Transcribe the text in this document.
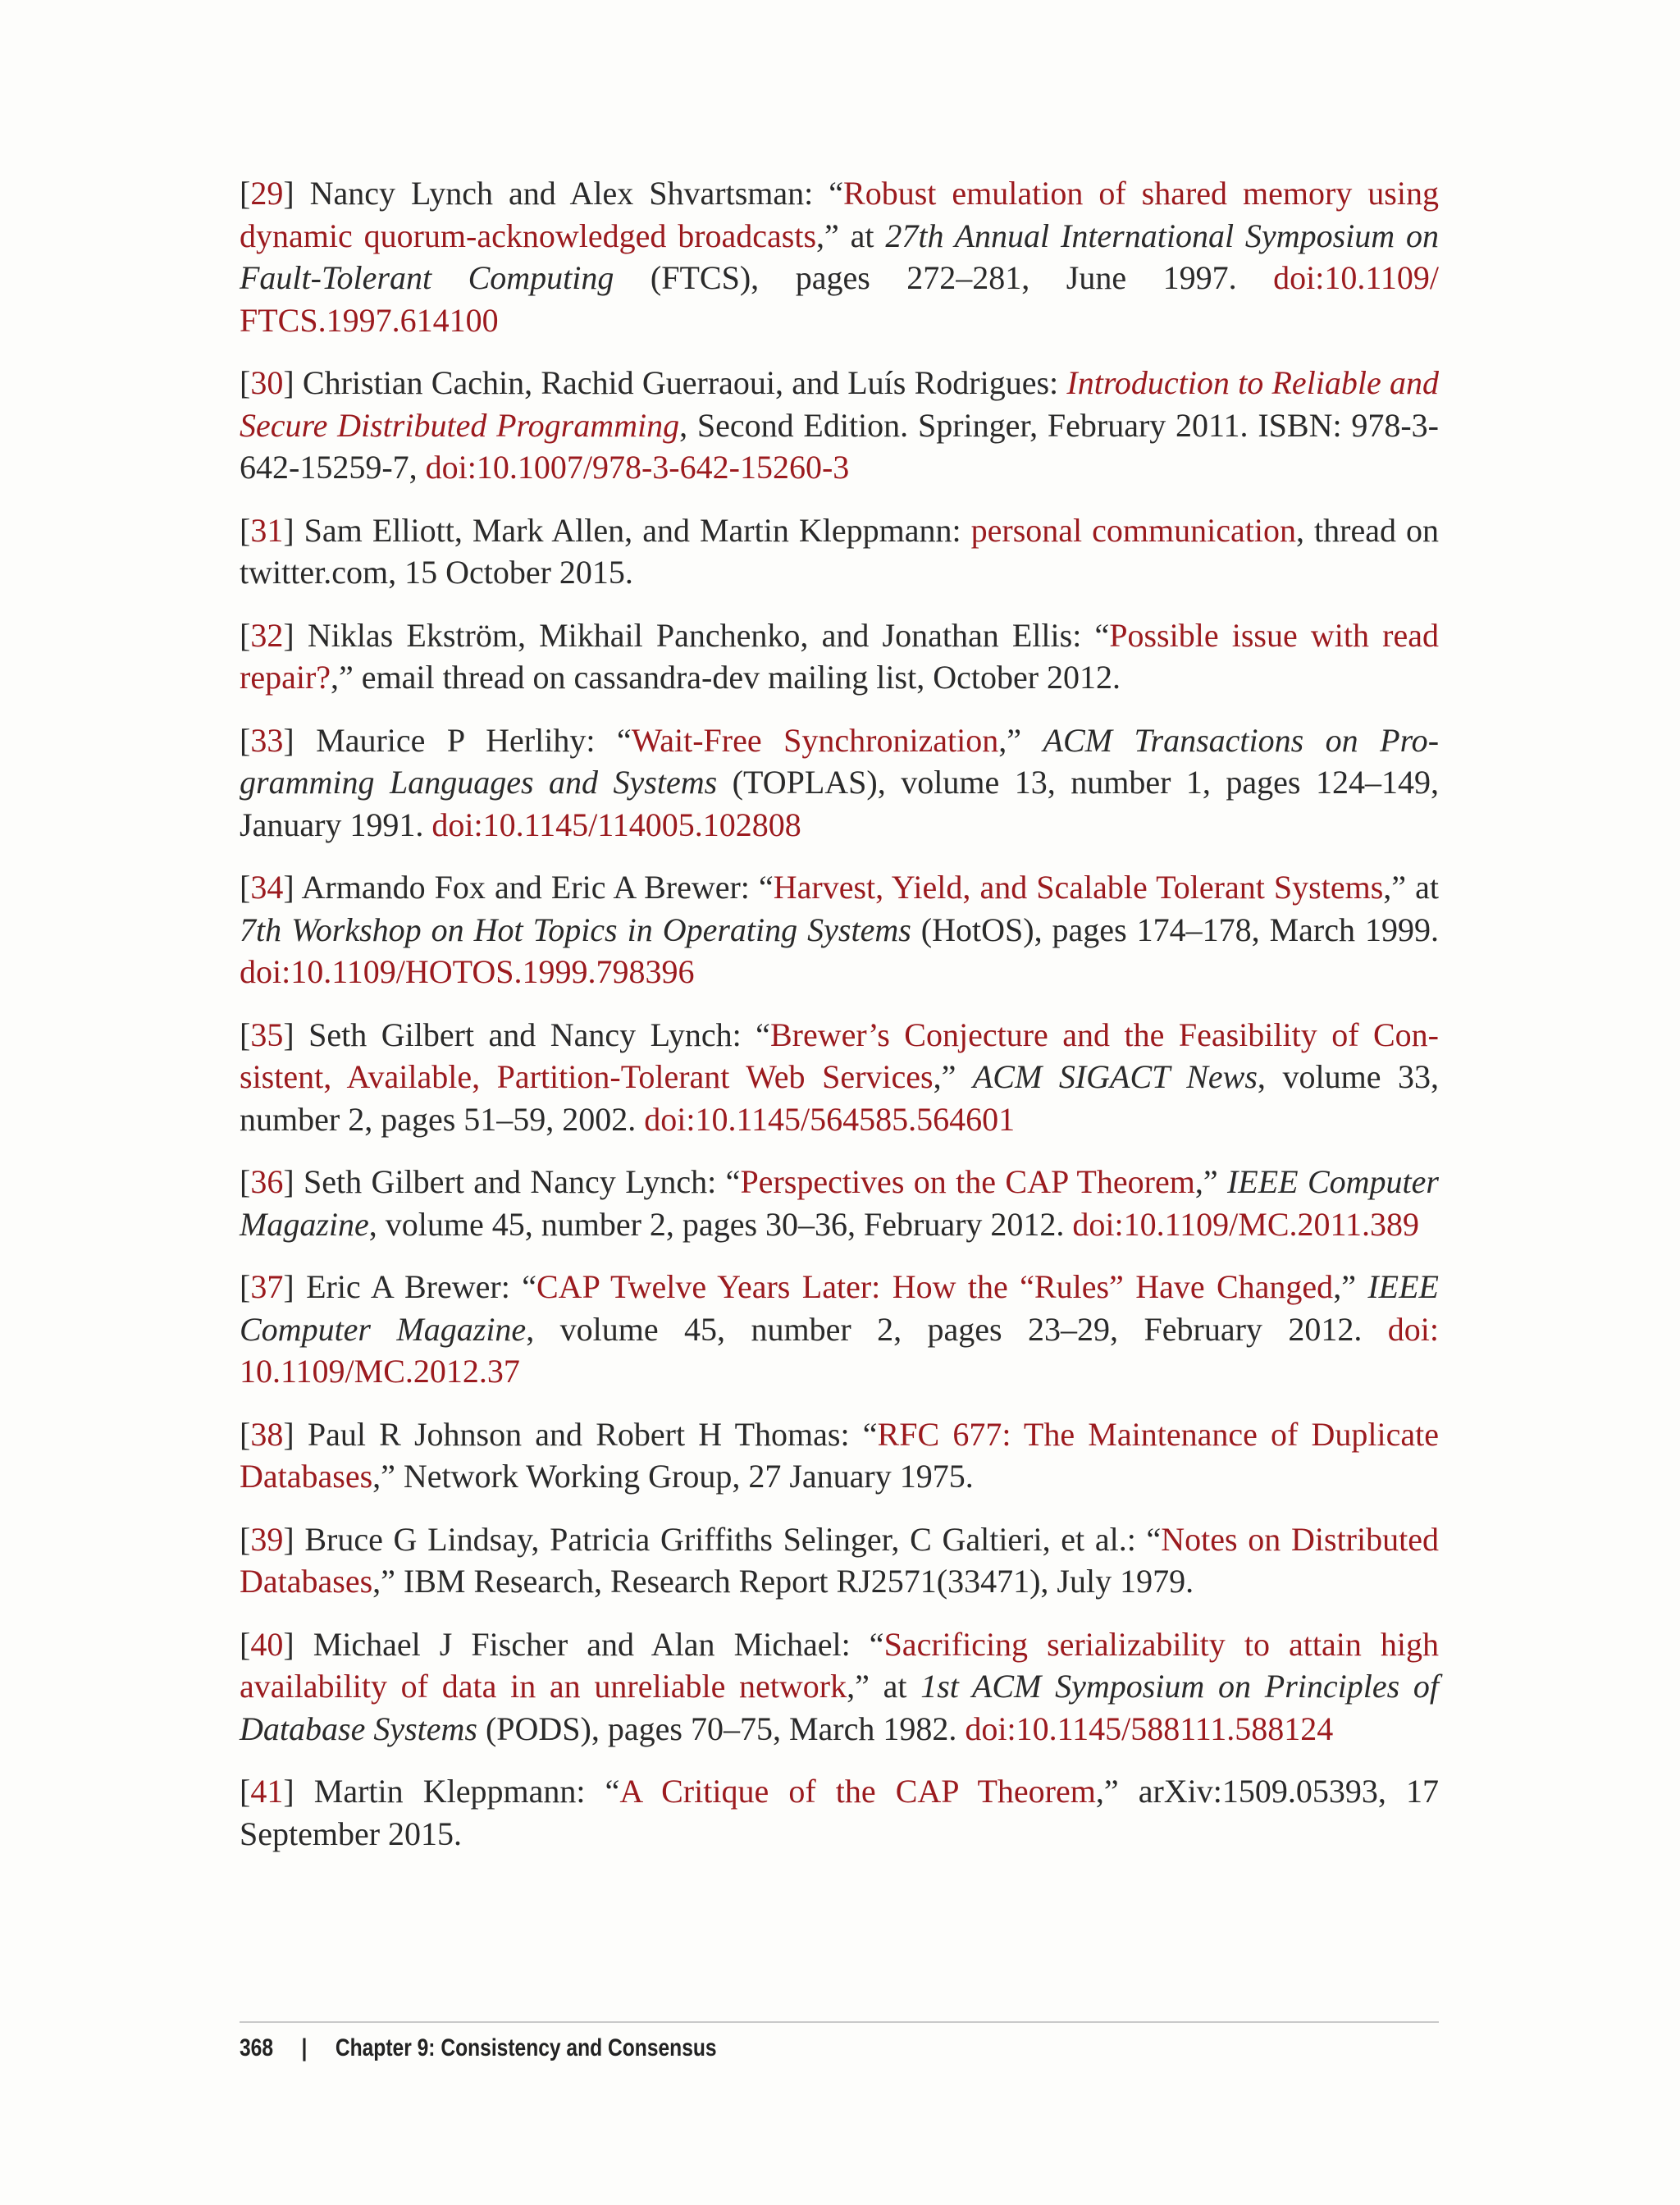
[29] Nancy Lynch and Alex Shvartsman: “Robust emulation of shared memory using dynamic quorum-acknowledged broadcasts,” at 27th Annual International Symposium on Fault-Tolerant Computing (FTCS), pages 272–281, June 1997. doi:10.1109/​FTCS.1997.614100

[30] Christian Cachin, Rachid Guerraoui, and Luís Rodrigues: Introduction to Reliable and Secure Distributed Programming, Second Edition. Springer, February 2011. ISBN: 978-3-642-15259-7, doi:10.1007/978-3-642-15260-3

[31] Sam Elliott, Mark Allen, and Martin Kleppmann: personal communication, thread on twitter.com, 15 October 2015.

[32] Niklas Ekström, Mikhail Panchenko, and Jonathan Ellis: “Possible issue with read repair?,” email thread on cassandra-dev mailing list, October 2012.

[33] Maurice P Herlihy: “Wait-Free Synchronization,” ACM Transactions on Programming Languages and Systems (TOPLAS), volume 13, number 1, pages 124–149, January 1991. doi:10.1145/114005.102808

[34] Armando Fox and Eric A Brewer: “Harvest, Yield, and Scalable Tolerant Systems,” at 7th Workshop on Hot Topics in Operating Systems (HotOS), pages 174–178, March 1999. doi:10.1109/HOTOS.1999.798396

[35] Seth Gilbert and Nancy Lynch: “Brewer’s Conjecture and the Feasibility of Consistent, Available, Partition-Tolerant Web Services,” ACM SIGACT News, volume 33, number 2, pages 51–59, 2002. doi:10.1145/564585.564601

[36] Seth Gilbert and Nancy Lynch: “Perspectives on the CAP Theorem,” IEEE Computer Magazine, volume 45, number 2, pages 30–36, February 2012. doi:10.1109/MC.​2011.389

[37] Eric A Brewer: “CAP Twelve Years Later: How the “Rules” Have Changed,” IEEE Computer Magazine, volume 45, number 2, pages 23–29, February 2012. doi:​10.1109/MC.2012.37

[38] Paul R Johnson and Robert H Thomas: “RFC 677: The Maintenance of Duplicate Databases,” Network Working Group, 27 January 1975.

[39] Bruce G Lindsay, Patricia Griffiths Selinger, C Galtieri, et al.: “Notes on Distributed Databases,” IBM Research, Research Report RJ2571(33471), July 1979.

[40] Michael J Fischer and Alan Michael: “Sacrificing serializability to attain high availability of data in an unreliable network,” at 1st ACM Symposium on Principles of Database Systems (PODS), pages 70–75, March 1982. doi:10.1145/588111.588124

[41] Martin Kleppmann: “A Critique of the CAP Theorem,” arXiv:1509.05393, 17 September 2015.

368 | Chapter 9: Consistency and Consensus
